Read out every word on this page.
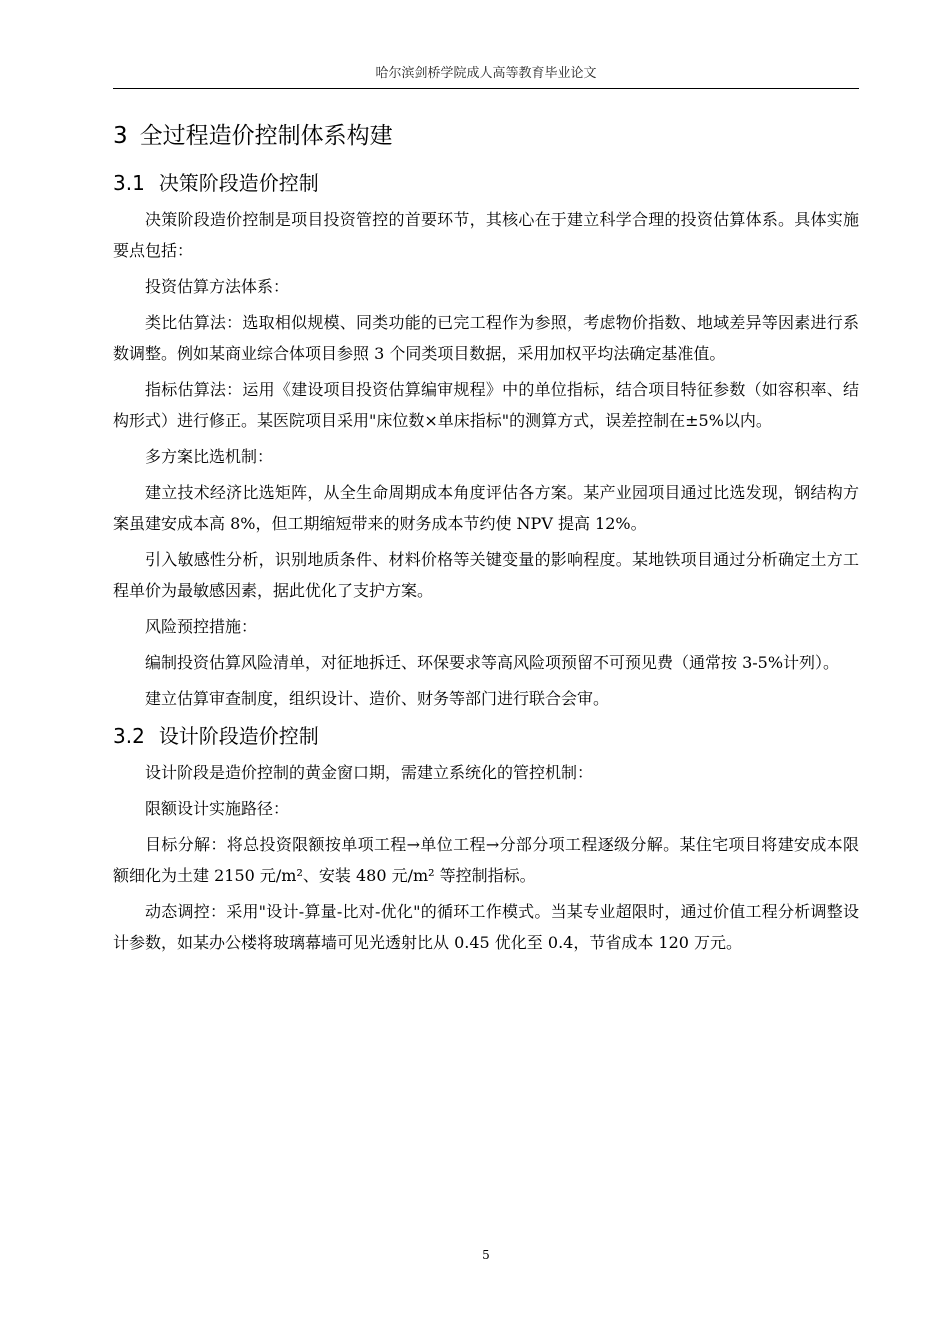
哈尔滨剑桥学院成人高等教育毕业论文
3 全过程造价控制体系构建
3.1 决策阶段造价控制

决策阶段造价控制是项目投资管控的首要环节，其核心在于建立科学合理的投资估算体系。具体实施要点包括：

投资估算方法体系：

类比估算法：选取相似规模、同类功能的已完工程作为参照，考虑物价指数、地域差异等因素进行系数调整。例如某商业综合体项目参照 3 个同类项目数据，采用加权平均法确定基准值。

指标估算法：运用《建设项目投资估算编审规程》中的单位指标，结合项目特征参数（如容积率、结构形式）进行修正。某医院项目采用"床位数×单床指标"的测算方式，误差控制在±5%以内。

多方案比选机制：

建立技术经济比选矩阵，从全生命周期成本角度评估各方案。某产业园项目通过比选发现，钢结构方案虽建安成本高 8%，但工期缩短带来的财务成本节约使 NPV 提高 12%。

引入敏感性分析，识别地质条件、材料价格等关键变量的影响程度。某地铁项目通过分析确定土方工程单价为最敏感因素，据此优化了支护方案。

风险预控措施：

编制投资估算风险清单，对征地拆迁、环保要求等高风险项预留不可预见费（通常按 3-5%计列）。

建立估算审查制度，组织设计、造价、财务等部门进行联合会审。

3.2 设计阶段造价控制

设计阶段是造价控制的黄金窗口期，需建立系统化的管控机制：

限额设计实施路径：

目标分解：将总投资限额按单项工程→单位工程→分部分项工程逐级分解。某住宅项目将建安成本限额细化为土建 2150 元/m²、安装 480 元/m² 等控制指标。

动态调控：采用"设计-算量-比对-优化"的循环工作模式。当某专业超限时，通过价值工程分析调整设计参数，如某办公楼将玻璃幕墙可见光透射比从 0.45 优化至 0.4，节省成本 120 万元。

5
